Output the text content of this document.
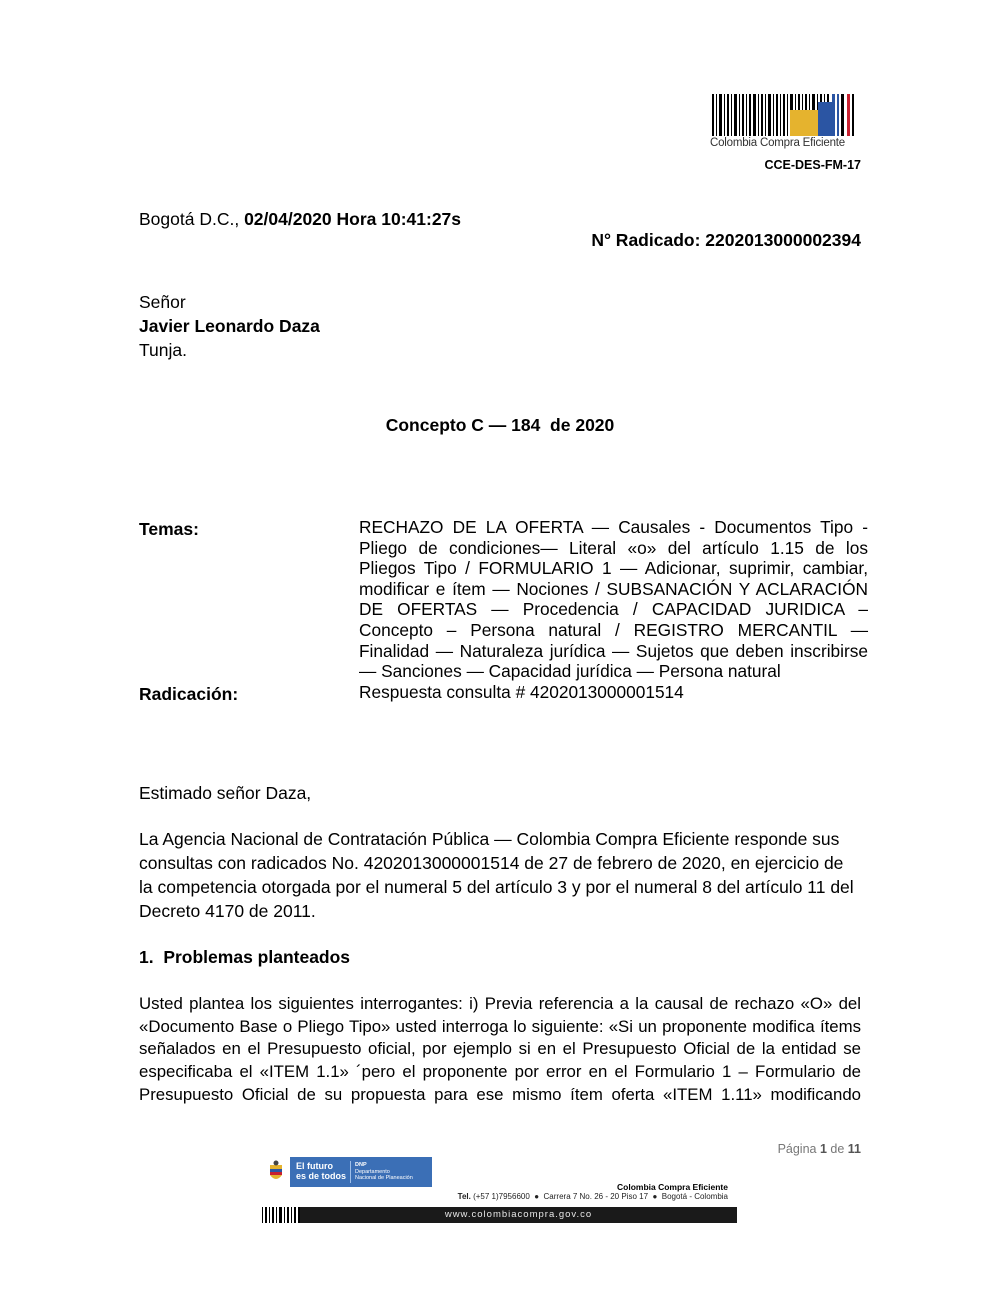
Colombia Compra Eficiente
CCE-DES-FM-17
Bogotá D.C., 02/04/2020 Hora 10:41:27s
N° Radicado: 2202013000002394
Señor
Javier Leonardo Daza
Tunja.
Concepto C — 184  de 2020
Temas:	RECHAZO DE LA OFERTA — Causales - Documentos Tipo - Pliego de condiciones— Literal «o» del artículo 1.15 de los Pliegos Tipo / FORMULARIO 1 — Adicionar, suprimir, cambiar, modificar e ítem — Nociones / SUBSANACIÓN Y ACLARACIÓN DE OFERTAS — Procedencia / CAPACIDAD JURIDICA – Concepto – Persona natural / REGISTRO MERCANTIL — Finalidad — Naturaleza jurídica — Sujetos que deben inscribirse — Sanciones — Capacidad jurídica — Persona natural
Radicación:	Respuesta consulta # 4202013000001514
Estimado señor Daza,
La Agencia Nacional de Contratación Pública — Colombia Compra Eficiente responde sus consultas con radicados No. 4202013000001514 de 27 de febrero de 2020, en ejercicio de la competencia otorgada por el numeral 5 del artículo 3 y por el numeral 8 del artículo 11 del Decreto 4170 de 2011.
1.  Problemas planteados
Usted plantea los siguientes interrogantes: i) Previa referencia a la causal de rechazo «O» del «Documento Base o Pliego Tipo» usted interroga lo siguiente: «Si un proponente modifica ítems señalados en el Presupuesto oficial, por ejemplo si en el Presupuesto Oficial de la entidad se especificaba el «ITEM 1.1» ´pero el proponente por error en el Formulario 1 – Formulario de Presupuesto Oficial de su propuesta para ese mismo ítem oferta «ITEM 1.11» modificando
Página 1 de 11
El futuro
es de todos
DNP
Departamento
Nacional de Planeación
Colombia Compra Eficiente
Tel. (+57 1)7956600  ●  Carrera 7 No. 26 - 20 Piso 17  ●  Bogotá - Colombia
www.colombiacompra.gov.co
